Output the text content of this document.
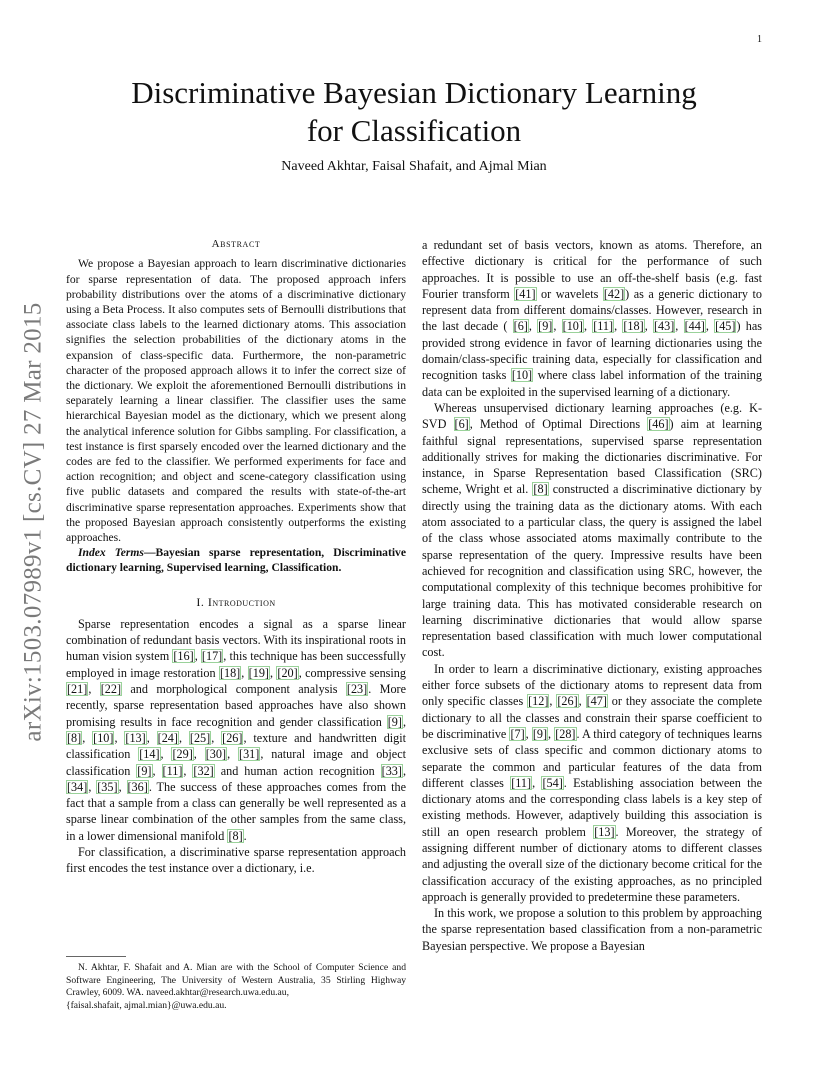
1
arXiv:1503.07989v1 [cs.CV] 27 Mar 2015
Discriminative Bayesian Dictionary Learning
for Classification
Naveed Akhtar, Faisal Shafait, and Ajmal Mian
Abstract

We propose a Bayesian approach to learn discriminative dictionaries for sparse representation of data. The proposed approach infers probability distributions over the atoms of a discriminative dictionary using a Beta Process. It also computes sets of Bernoulli distributions that associate class labels to the learned dictionary atoms. This association signifies the selection probabilities of the dictionary atoms in the expansion of class-specific data. Furthermore, the non-parametric character of the proposed approach allows it to infer the correct size of the dictionary. We exploit the aforementioned Bernoulli distributions in separately learning a linear classifier. The classifier uses the same hierarchical Bayesian model as the dictionary, which we present along the analytical inference solution for Gibbs sampling. For classification, a test instance is first sparsely encoded over the learned dictionary and the codes are fed to the classifier. We performed experiments for face and action recognition; and object and scene-category classification using five public datasets and compared the results with state-of-the-art discriminative sparse representation approaches. Experiments show that the proposed Bayesian approach consistently outperforms the existing approaches.

Index Terms—Bayesian sparse representation, Discriminative dictionary learning, Supervised learning, Classification.

I. Introduction

Sparse representation encodes a signal as a sparse linear combination of redundant basis vectors. With its inspirational roots in human vision system [16], [17], this technique has been successfully employed in image restoration [18], [19], [20], compressive sensing [21], [22] and morphological component analysis [23]. More recently, sparse representation based approaches have also shown promising results in face recognition and gender classification [9], [8], [10], [13], [24], [25], [26], texture and handwritten digit classification [14], [29], [30], [31], natural image and object classification [9], [11], [32] and human action recognition [33], [34], [35], [36]. The success of these approaches comes from the fact that a sample from a class can generally be well represented as a sparse linear combination of the other samples from the same class, in a lower dimensional manifold [8].

For classification, a discriminative sparse representation approach first encodes the test instance over a dictionary, i.e.

N. Akhtar, F. Shafait and A. Mian are with the School of Computer Science and Software Engineering, The University of Western Australia, 35 Stirling Highway Crawley, 6009. WA. naveed.akhtar@research.uwa.edu.au,

{faisal.shafait, ajmal.mian}@uwa.edu.au.

a redundant set of basis vectors, known as atoms. Therefore, an effective dictionary is critical for the performance of such approaches. It is possible to use an off-the-shelf basis (e.g. fast Fourier transform [41] or wavelets [42]) as a generic dictionary to represent data from different domains/classes. However, research in the last decade ( [6], [9], [10], [11], [18], [43], [44], [45]) has provided strong evidence in favor of learning dictionaries using the domain/class-specific training data, especially for classification and recognition tasks [10] where class label information of the training data can be exploited in the supervised learning of a dictionary.

Whereas unsupervised dictionary learning approaches (e.g. K-SVD [6], Method of Optimal Directions [46]) aim at learning faithful signal representations, supervised sparse representation additionally strives for making the dictionaries discriminative. For instance, in Sparse Representation based Classification (SRC) scheme, Wright et al. [8] constructed a discriminative dictionary by directly using the training data as the dictionary atoms. With each atom associated to a particular class, the query is assigned the label of the class whose associated atoms maximally contribute to the sparse representation of the query. Impressive results have been achieved for recognition and classification using SRC, however, the computational complexity of this technique becomes prohibitive for large training data. This has motivated considerable research on learning discriminative dictionaries that would allow sparse representation based classification with much lower computational cost.

In order to learn a discriminative dictionary, existing approaches either force subsets of the dictionary atoms to represent data from only specific classes [12], [26], [47] or they associate the complete dictionary to all the classes and constrain their sparse coefficient to be discriminative [7], [9], [28]. A third category of techniques learns exclusive sets of class specific and common dictionary atoms to separate the common and particular features of the data from different classes [11], [54]. Establishing association between the dictionary atoms and the corresponding class labels is a key step of existing methods. However, adaptively building this association is still an open research problem [13]. Moreover, the strategy of assigning different number of dictionary atoms to different classes and adjusting the overall size of the dictionary become critical for the classification accuracy of the existing approaches, as no principled approach is generally provided to predetermine these parameters.

In this work, we propose a solution to this problem by approaching the sparse representation based classification from a non-parametric Bayesian perspective. We propose a Bayesian
